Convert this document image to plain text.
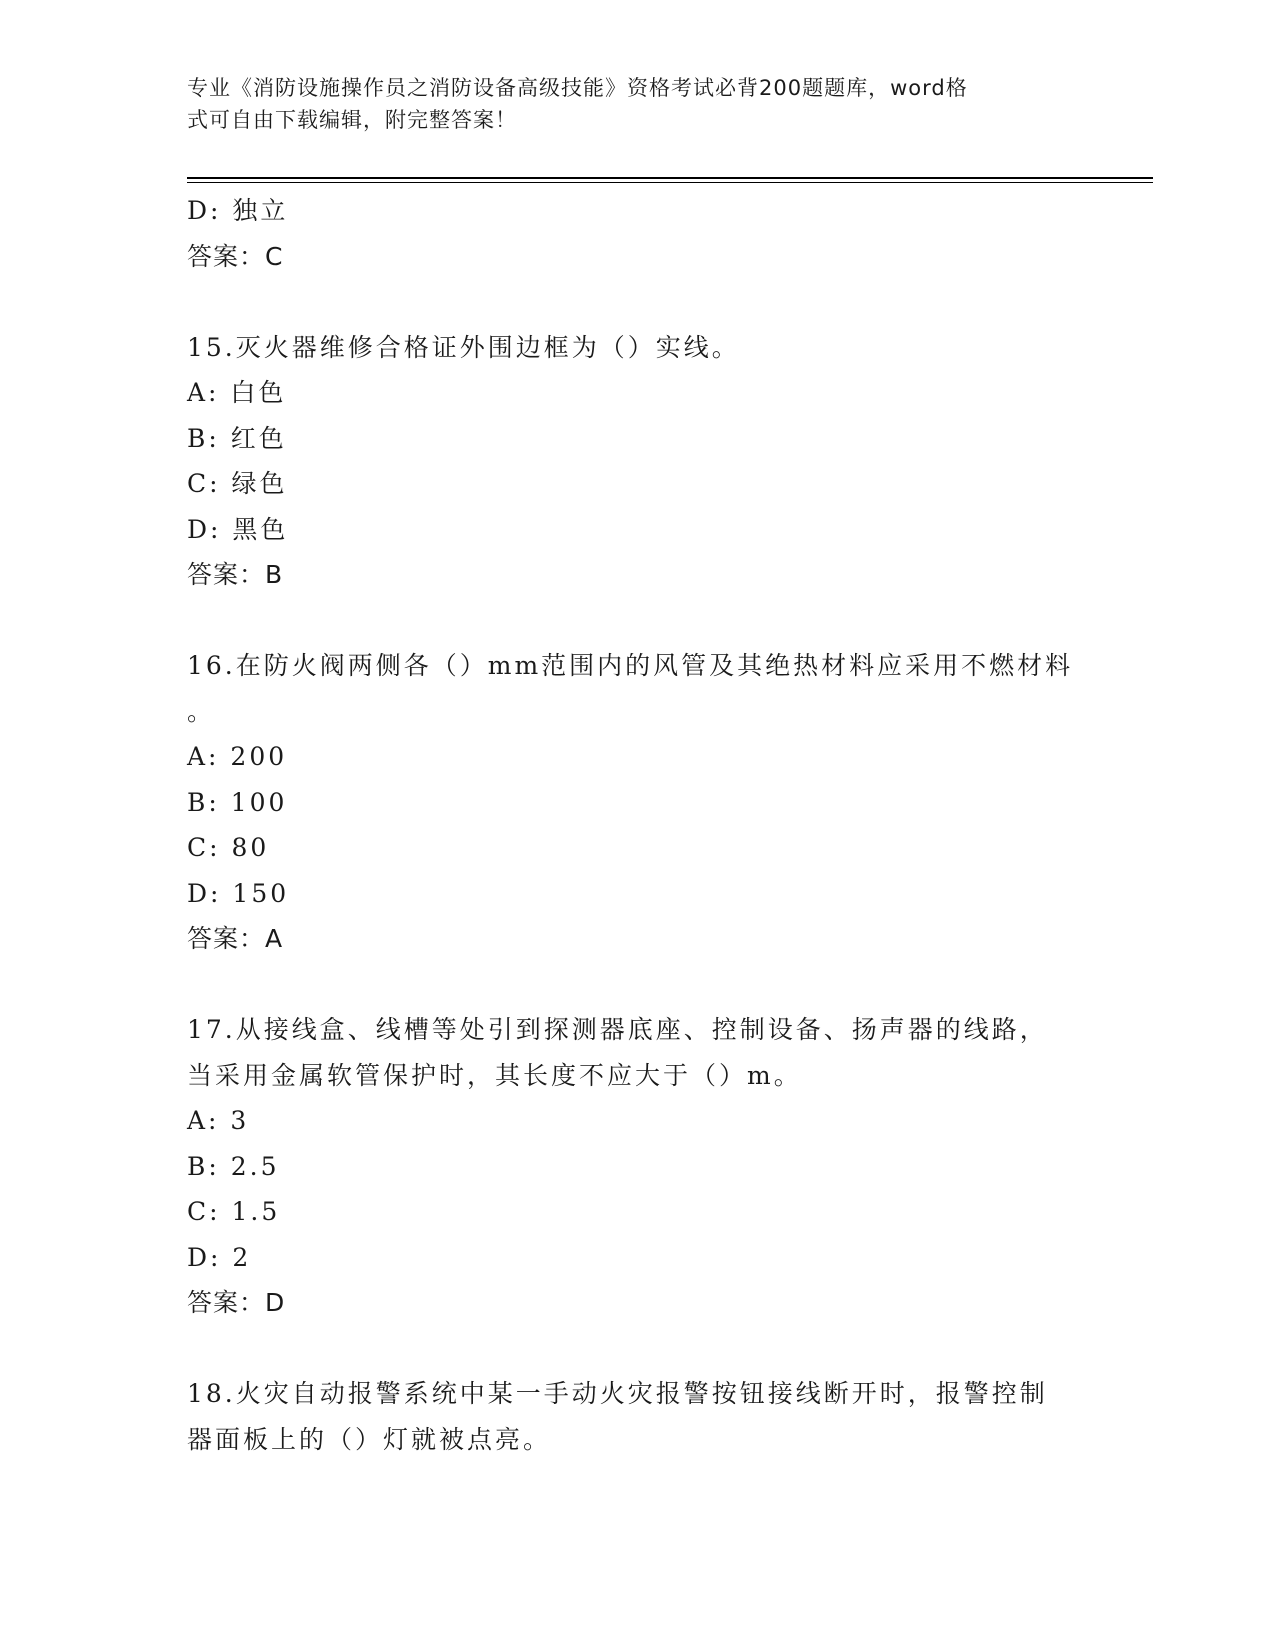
专业《消防设施操作员之消防设备高级技能》资格考试必背200题题库，word格
式可自由下载编辑，附完整答案！
D: 独立
答案：C
15.灭火器维修合格证外围边框为（）实线。
A: 白色
B: 红色
C: 绿色
D: 黑色
答案：B
16.在防火阀两侧各（）mm范围内的风管及其绝热材料应采用不燃材料
。
A: 200
B: 100
C: 80
D: 150
答案：A
17.从接线盒、线槽等处引到探测器底座、控制设备、扬声器的线路，
当采用金属软管保护时，其长度不应大于（）m。
A: 3
B: 2.5
C: 1.5
D: 2
答案：D
18.火灾自动报警系统中某一手动火灾报警按钮接线断开时，报警控制
器面板上的（）灯就被点亮。
